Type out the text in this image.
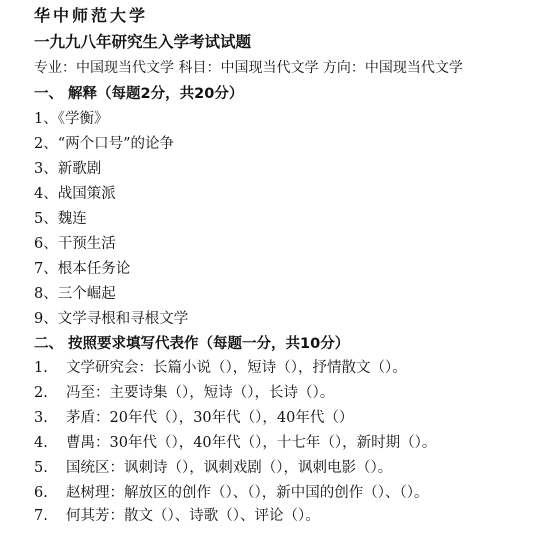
华中师范大学
一九九八年研究生入学考试试题
专业：中国现当代文学 科目：中国现当代文学 方向：中国现当代文学
一、 解释（每题2分，共20分）
1、《学衡》
2、“两个口号”的论争
3、新歌剧
4、战国策派
5、魏连
6、干预生活
7、根本任务论
8、三个崛起
9、文学寻根和寻根文学
二、 按照要求填写代表作（每题一分，共10分）
1. 文学研究会：长篇小说（），短诗（），抒情散文（）。
2. 冯至：主要诗集（），短诗（），长诗（）。
3. 茅盾：20年代（），30年代（），40年代（）
4. 曹禺：30年代（），40年代（），十七年（），新时期（）。
5. 国统区：讽刺诗（），讽刺戏剧（），讽刺电影（）。
6. 赵树理：解放区的创作（）、（），新中国的创作（）、（）。
7. 何其芳：散文（）、诗歌（）、评论（）。
